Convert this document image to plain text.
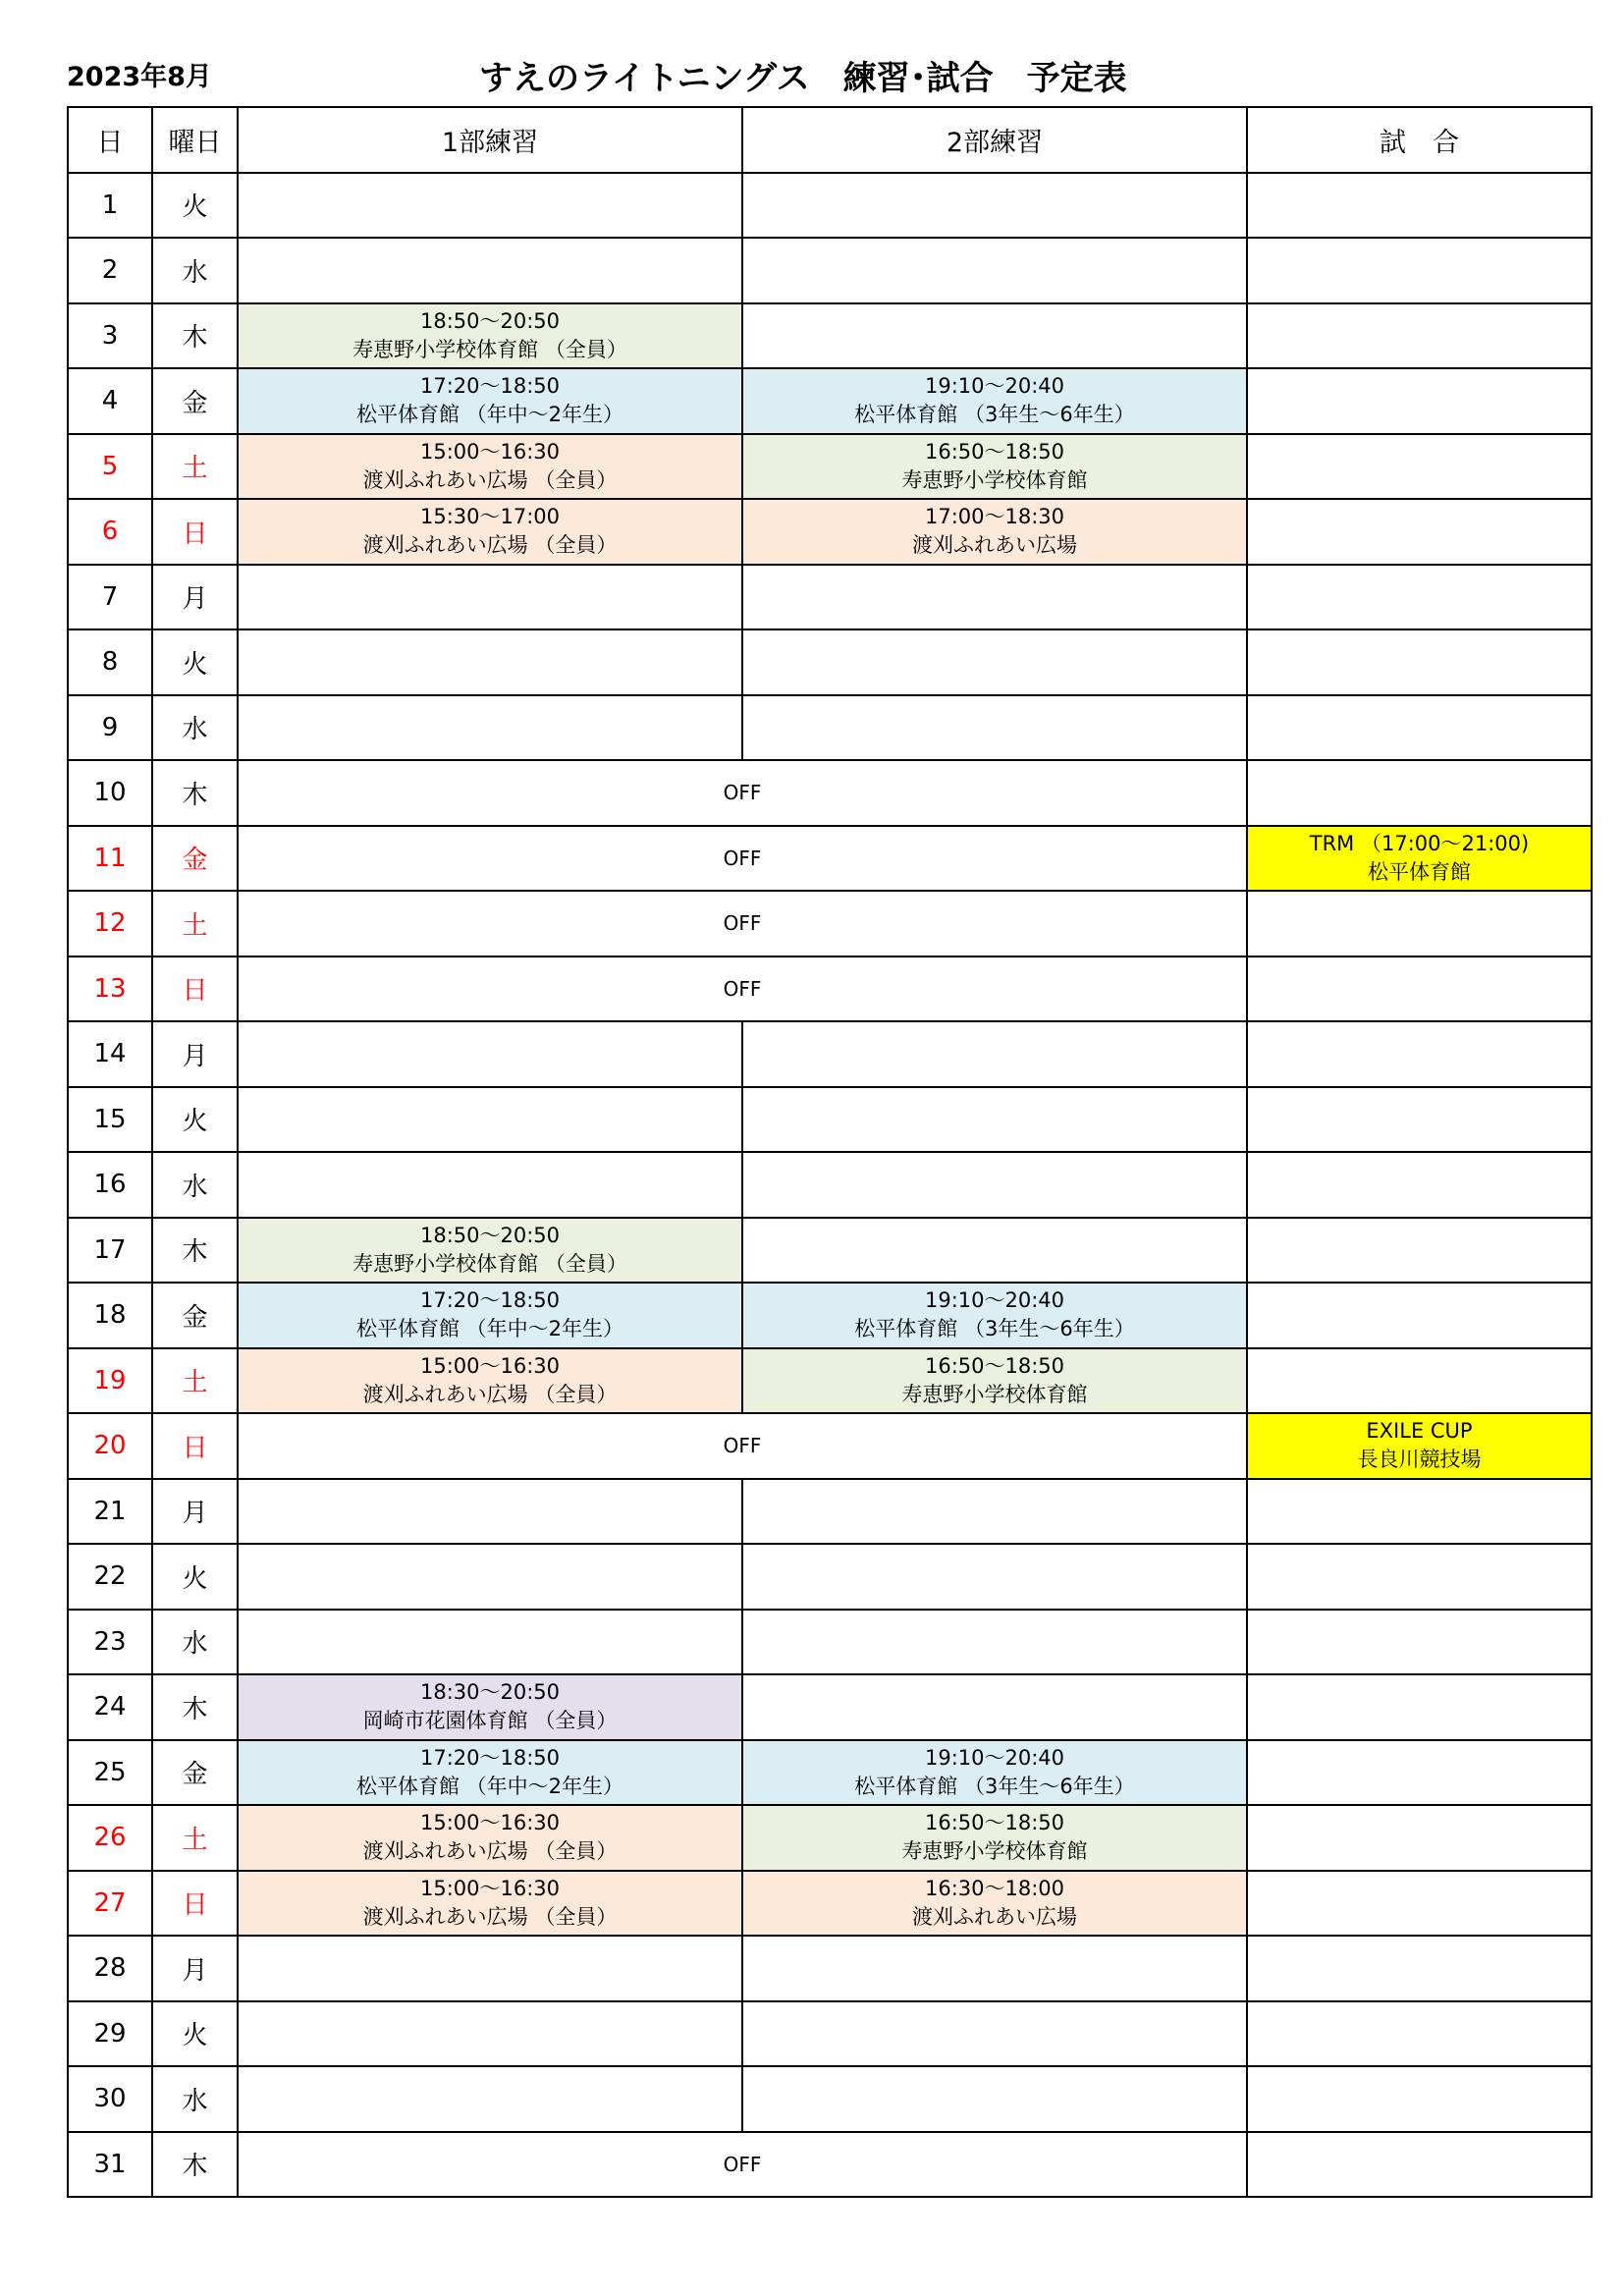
2023年8月	すえのライトニングス　練習･試合　予定表
日	曜日	1部練習	2部練習	試　合
1	火			
2	水			
3	木	18:50～20:50
寿恵野小学校体育館 （全員）		

4	金	17:20～18:50
松平体育館 （年中～2年生）	19:10～20:40
松平体育館 （3年生～6年生）	

5	土	15:00～16:30
渡刈ふれあい広場 （全員）	16:50～18:50
寿恵野小学校体育館	

6	日	15:30～17:00
渡刈ふれあい広場 （全員）	17:00～18:30
渡刈ふれあい広場	

7	月			
8	火			
9	水			
10	木	OFF		
11	金	OFF		TRM （17:00～21:00)
松平体育館

12	土	OFF		
13	日	OFF		
14	月			
15	火			
16	水			
17	木	18:50～20:50
寿恵野小学校体育館 （全員）		

18	金	17:20～18:50
松平体育館 （年中～2年生）	19:10～20:40
松平体育館 （3年生～6年生）	

19	土	15:00～16:30
渡刈ふれあい広場 （全員）	16:50～18:50
寿恵野小学校体育館	

20	日	OFF		EXILE CUP
長良川競技場

21	月			
22	火			
23	水			
24	木	18:30～20:50
岡崎市花園体育館 （全員）		

25	金	17:20～18:50
松平体育館 （年中～2年生）	19:10～20:40
松平体育館 （3年生～6年生）	

26	土	15:00～16:30
渡刈ふれあい広場 （全員）	16:50～18:50
寿恵野小学校体育館	

27	日	15:00～16:30
渡刈ふれあい広場 （全員）	16:30～18:00
渡刈ふれあい広場	

28	月			
29	火			
30	水			
31	木	OFF		
